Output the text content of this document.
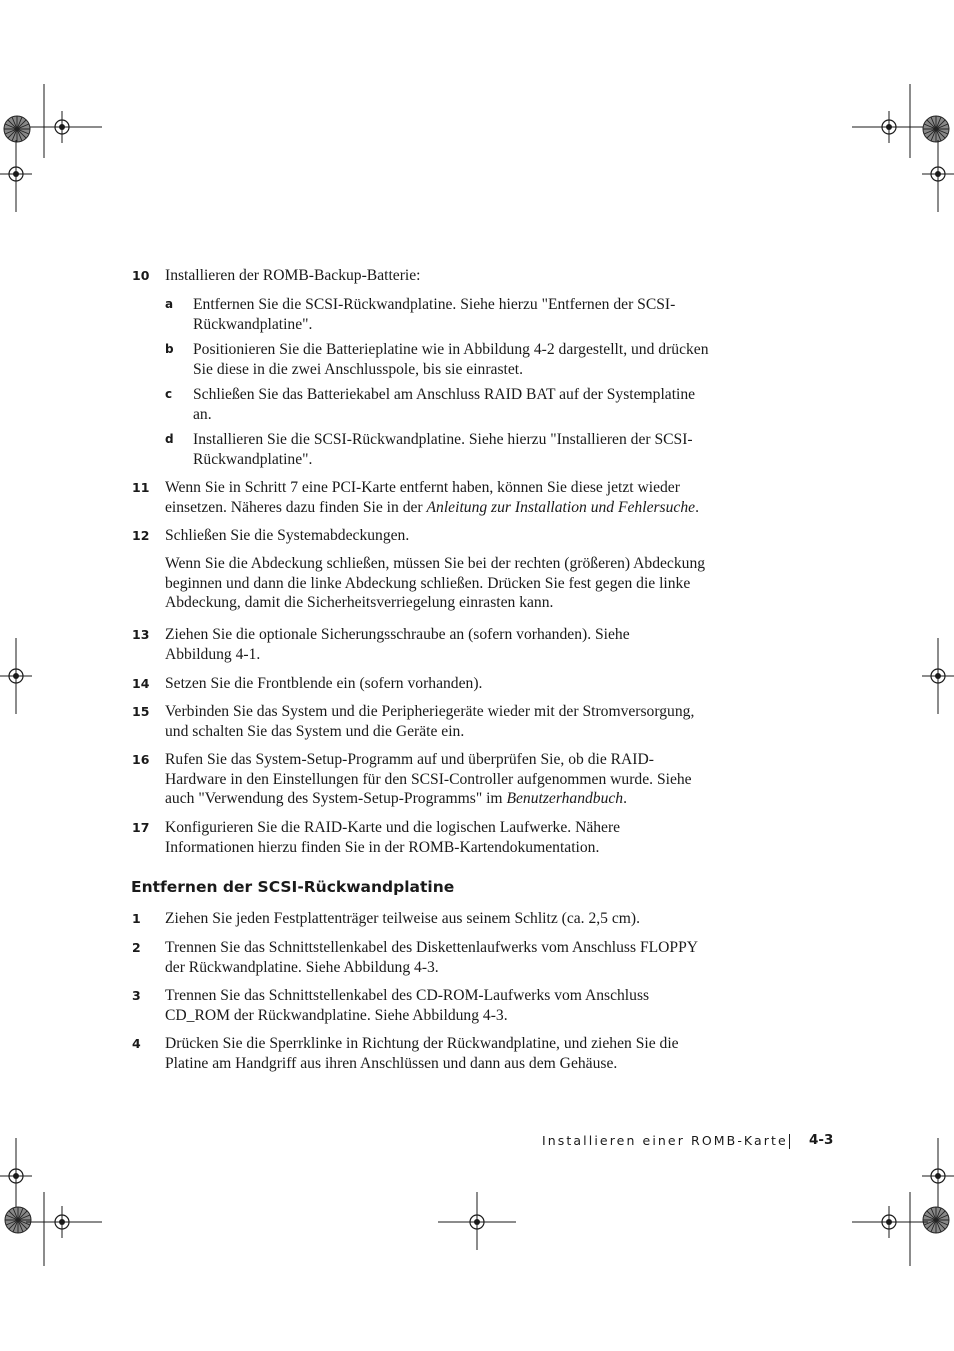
10 Installieren der ROMB-Backup-Batterie:
a Entfernen Sie die SCSI-Rückwandplatine. Siehe hierzu "Entfernen der SCSI-
Rückwandplatine".
b Positionieren Sie die Batterieplatine wie in Abbildung 4-2 dargestellt, und drücken
Sie diese in die zwei Anschlusspole, bis sie einrastet.
c Schließen Sie das Batteriekabel am Anschluss RAID BAT auf der Systemplatine
an.
d Installieren Sie die SCSI-Rückwandplatine. Siehe hierzu "Installieren der SCSI-
Rückwandplatine".
11 Wenn Sie in Schritt 7 eine PCI-Karte entfernt haben, können Sie diese jetzt wieder
einsetzen. Näheres dazu finden Sie in der Anleitung zur Installation und Fehlersuche.
12 Schließen Sie die Systemabdeckungen.
Wenn Sie die Abdeckung schließen, müssen Sie bei der rechten (größeren) Abdeckung
beginnen und dann die linke Abdeckung schließen. Drücken Sie fest gegen die linke
Abdeckung, damit die Sicherheitsverriegelung einrasten kann.
13 Ziehen Sie die optionale Sicherungsschraube an (sofern vorhanden). Siehe
Abbildung 4-1.
14 Setzen Sie die Frontblende ein (sofern vorhanden).
15 Verbinden Sie das System und die Peripheriegeräte wieder mit der Stromversorgung,
und schalten Sie das System und die Geräte ein.
16 Rufen Sie das System-Setup-Programm auf und überprüfen Sie, ob die RAID-
Hardware in den Einstellungen für den SCSI-Controller aufgenommen wurde. Siehe
auch "Verwendung des System-Setup-Programms" im Benutzerhandbuch.
17 Konfigurieren Sie die RAID-Karte und die logischen Laufwerke. Nähere
Informationen hierzu finden Sie in der ROMB-Kartendokumentation.
Entfernen der SCSI-Rückwandplatine
1 Ziehen Sie jeden Festplattenträger teilweise aus seinem Schlitz (ca. 2,5 cm).
2 Trennen Sie das Schnittstellenkabel des Diskettenlaufwerks vom Anschluss FLOPPY
der Rückwandplatine. Siehe Abbildung 4-3.
3 Trennen Sie das Schnittstellenkabel des CD-ROM-Laufwerks vom Anschluss
CD_ROM der Rückwandplatine. Siehe Abbildung 4-3.
4 Drücken Sie die Sperrklinke in Richtung der Rückwandplatine, und ziehen Sie die
Platine am Handgriff aus ihren Anschlüssen und dann aus dem Gehäuse.
Installieren einer ROMB-Karte 4-3
